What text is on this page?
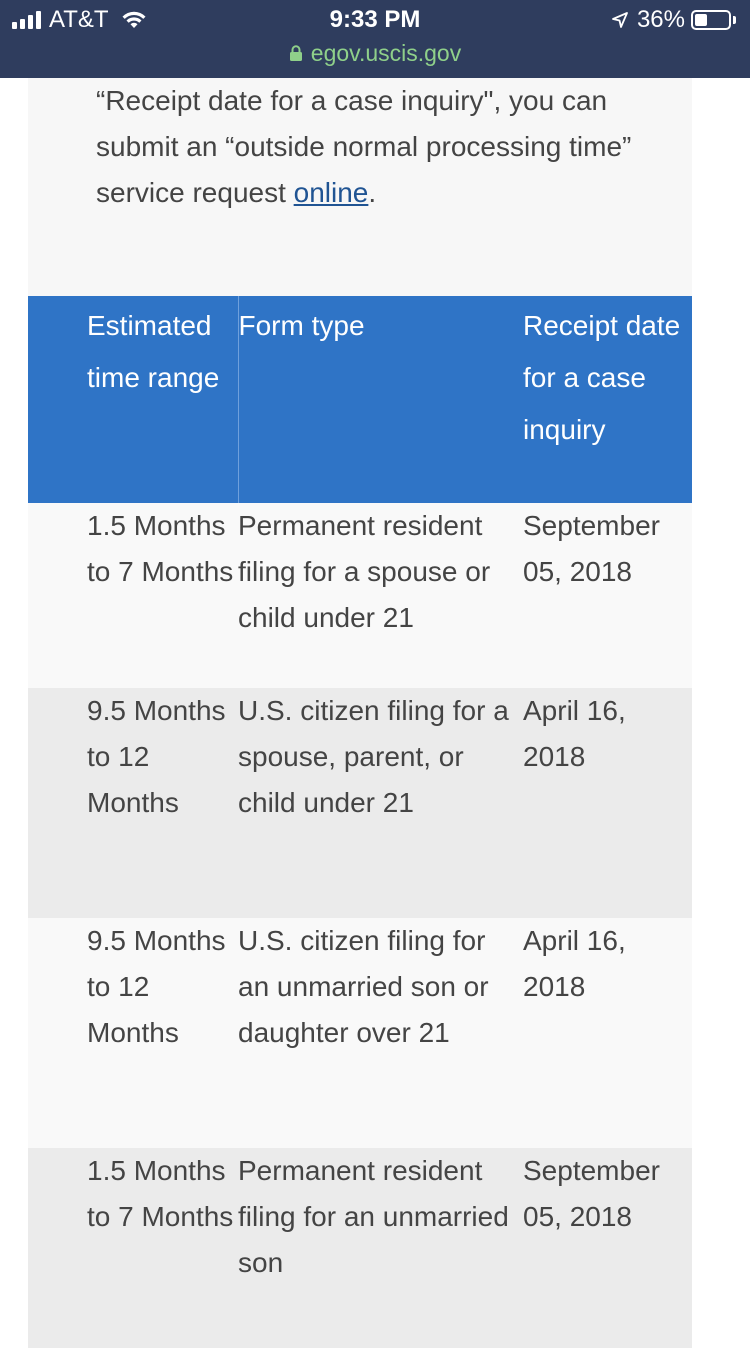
AT&T	9:33 PM
egov.uscis.gov
36%
“Receipt date for a case inquiry", you can submit an “outside normal processing time” service request online.
Estimated time range	Form type	Receipt date for a case inquiry
1.5 Months to 7 Months	Permanent resident filing for a spouse or child under 21	September 05, 2018
9.5 Months to 12 Months	U.S. citizen filing for a spouse, parent, or child under 21	April 16, 2018
9.5 Months to 12 Months	U.S. citizen filing for an unmarried son or daughter over 21	April 16, 2018
1.5 Months to 7 Months	Permanent resident filing for an unmarried son	September 05, 2018
